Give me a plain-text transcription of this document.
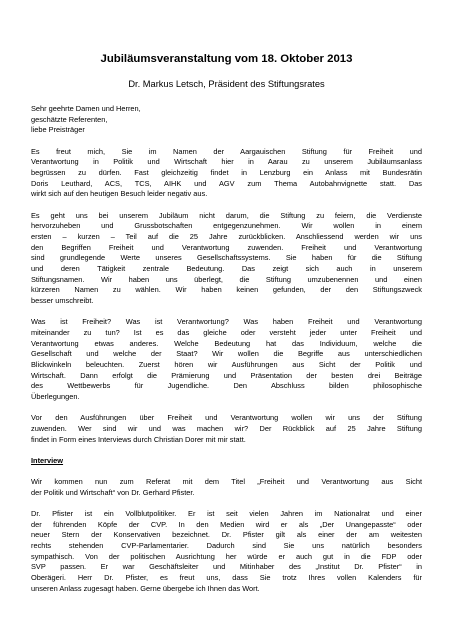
Jubiläumsveranstaltung vom 18. Oktober 2013
Dr. Markus Letsch, Präsident des Stiftungsrates
Sehr geehrte Damen und Herren,
geschätzte Referenten,
liebe Preisträger
Es freut mich, Sie im Namen der Aargauischen Stiftung für Freiheit und
Verantwortung in Politik und Wirtschaft hier in Aarau zu unserem Jubiläumsanlass
begrüssen zu dürfen. Fast gleichzeitig findet in Lenzburg ein Anlass mit Bundesrätin
Doris Leuthard, ACS, TCS, AIHK und AGV zum Thema Autobahnvignette statt. Das
wirkt sich auf den heutigen Besuch leider negativ aus.
Es geht uns bei unserem Jubiläum nicht darum, die Stiftung zu feiern, die Verdienste
hervorzuheben und Grussbotschaften entgegenzunehmen. Wir wollen in einem
ersten – kurzen – Teil auf die 25 Jahre zurückblicken. Anschliessend werden wir uns
den Begriffen Freiheit und Verantwortung zuwenden. Freiheit und Verantwortung
sind grundlegende Werte unseres Gesellschaftssystems. Sie haben für die Stiftung
und deren Tätigkeit zentrale Bedeutung. Das zeigt sich auch in unserem
Stiftungsnamen. Wir haben uns überlegt, die Stiftung umzubenennen und einen
kürzeren Namen zu wählen. Wir haben keinen gefunden, der den Stiftungszweck
besser umschreibt.
Was ist Freiheit? Was ist Verantwortung? Was haben Freiheit und Verantwortung
miteinander zu tun? Ist es das gleiche oder versteht jeder unter Freiheit und
Verantwortung etwas anderes. Welche Bedeutung hat das Individuum, welche die
Gesellschaft und welche der Staat? Wir wollen die Begriffe aus unterschiedlichen
Blickwinkeln beleuchten. Zuerst hören wir Ausführungen aus Sicht der Politik und
Wirtschaft. Dann erfolgt die Prämierung und Präsentation der besten drei Beiträge
des Wettbewerbs für Jugendliche. Den Abschluss bilden philosophische
Überlegungen.
Vor den Ausführungen über Freiheit und Verantwortung wollen wir uns der Stiftung
zuwenden. Wer sind wir und was machen wir? Der Rückblick auf 25 Jahre Stiftung
findet in Form eines Interviews durch Christian Dorer mit mir statt.
Interview
Wir kommen nun zum Referat mit dem Titel „Freiheit und Verantwortung aus Sicht
der Politik und Wirtschaft“ von Dr. Gerhard Pfister.
Dr. Pfister ist ein Vollblutpolitiker. Er ist seit vielen Jahren im Nationalrat und einer
der führenden Köpfe der CVP. In den Medien wird er als „Der Unangepasste“ oder
neuer Stern der Konservativen bezeichnet. Dr. Pfister gilt als einer der am weitesten
rechts stehenden CVP-Parlamentarier. Dadurch sind Sie uns natürlich besonders
sympathisch. Von der politischen Ausrichtung her würde er auch gut in die FDP oder
SVP passen. Er war Geschäftsleiter und Mitinhaber des „Institut Dr. Pfister“ in
Oberägeri. Herr Dr. Pfister, es freut uns, dass Sie trotz Ihres vollen Kalenders für
unseren Anlass zugesagt haben. Gerne übergebe ich Ihnen das Wort.
